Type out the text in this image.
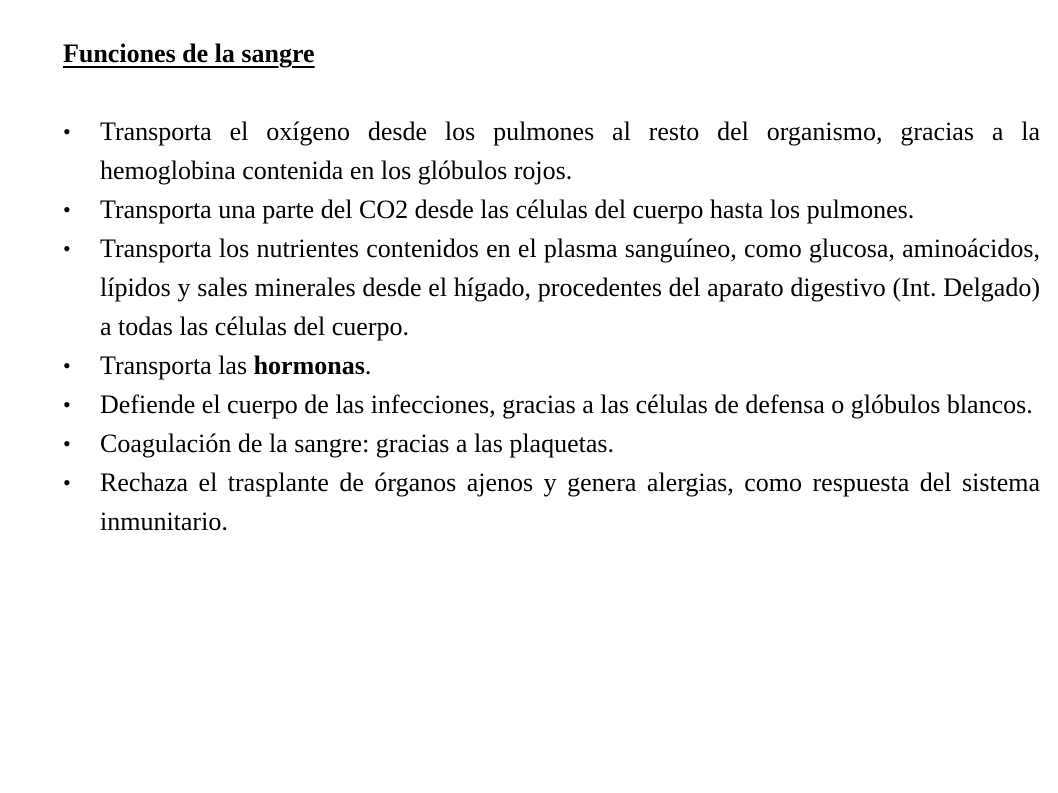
Funciones de la sangre
•	Transporta el oxígeno desde los pulmones al resto del organismo, gracias a la hemoglobina contenida en los glóbulos rojos.
•	Transporta una parte del CO2 desde las células del cuerpo hasta los pulmones.
•	Transporta los nutrientes contenidos en el plasma sanguíneo, como glucosa, aminoácidos, lípidos y sales minerales desde el hígado, procedentes del aparato digestivo (Int. Delgado) a todas las células del cuerpo.
•	Transporta las hormonas.
•	Defiende el cuerpo de las infecciones, gracias a las células de defensa o glóbulos blancos.
•	Coagulación de la sangre: gracias a las plaquetas.
•	Rechaza el trasplante de órganos ajenos y genera alergias, como respuesta del sistema inmunitario.
